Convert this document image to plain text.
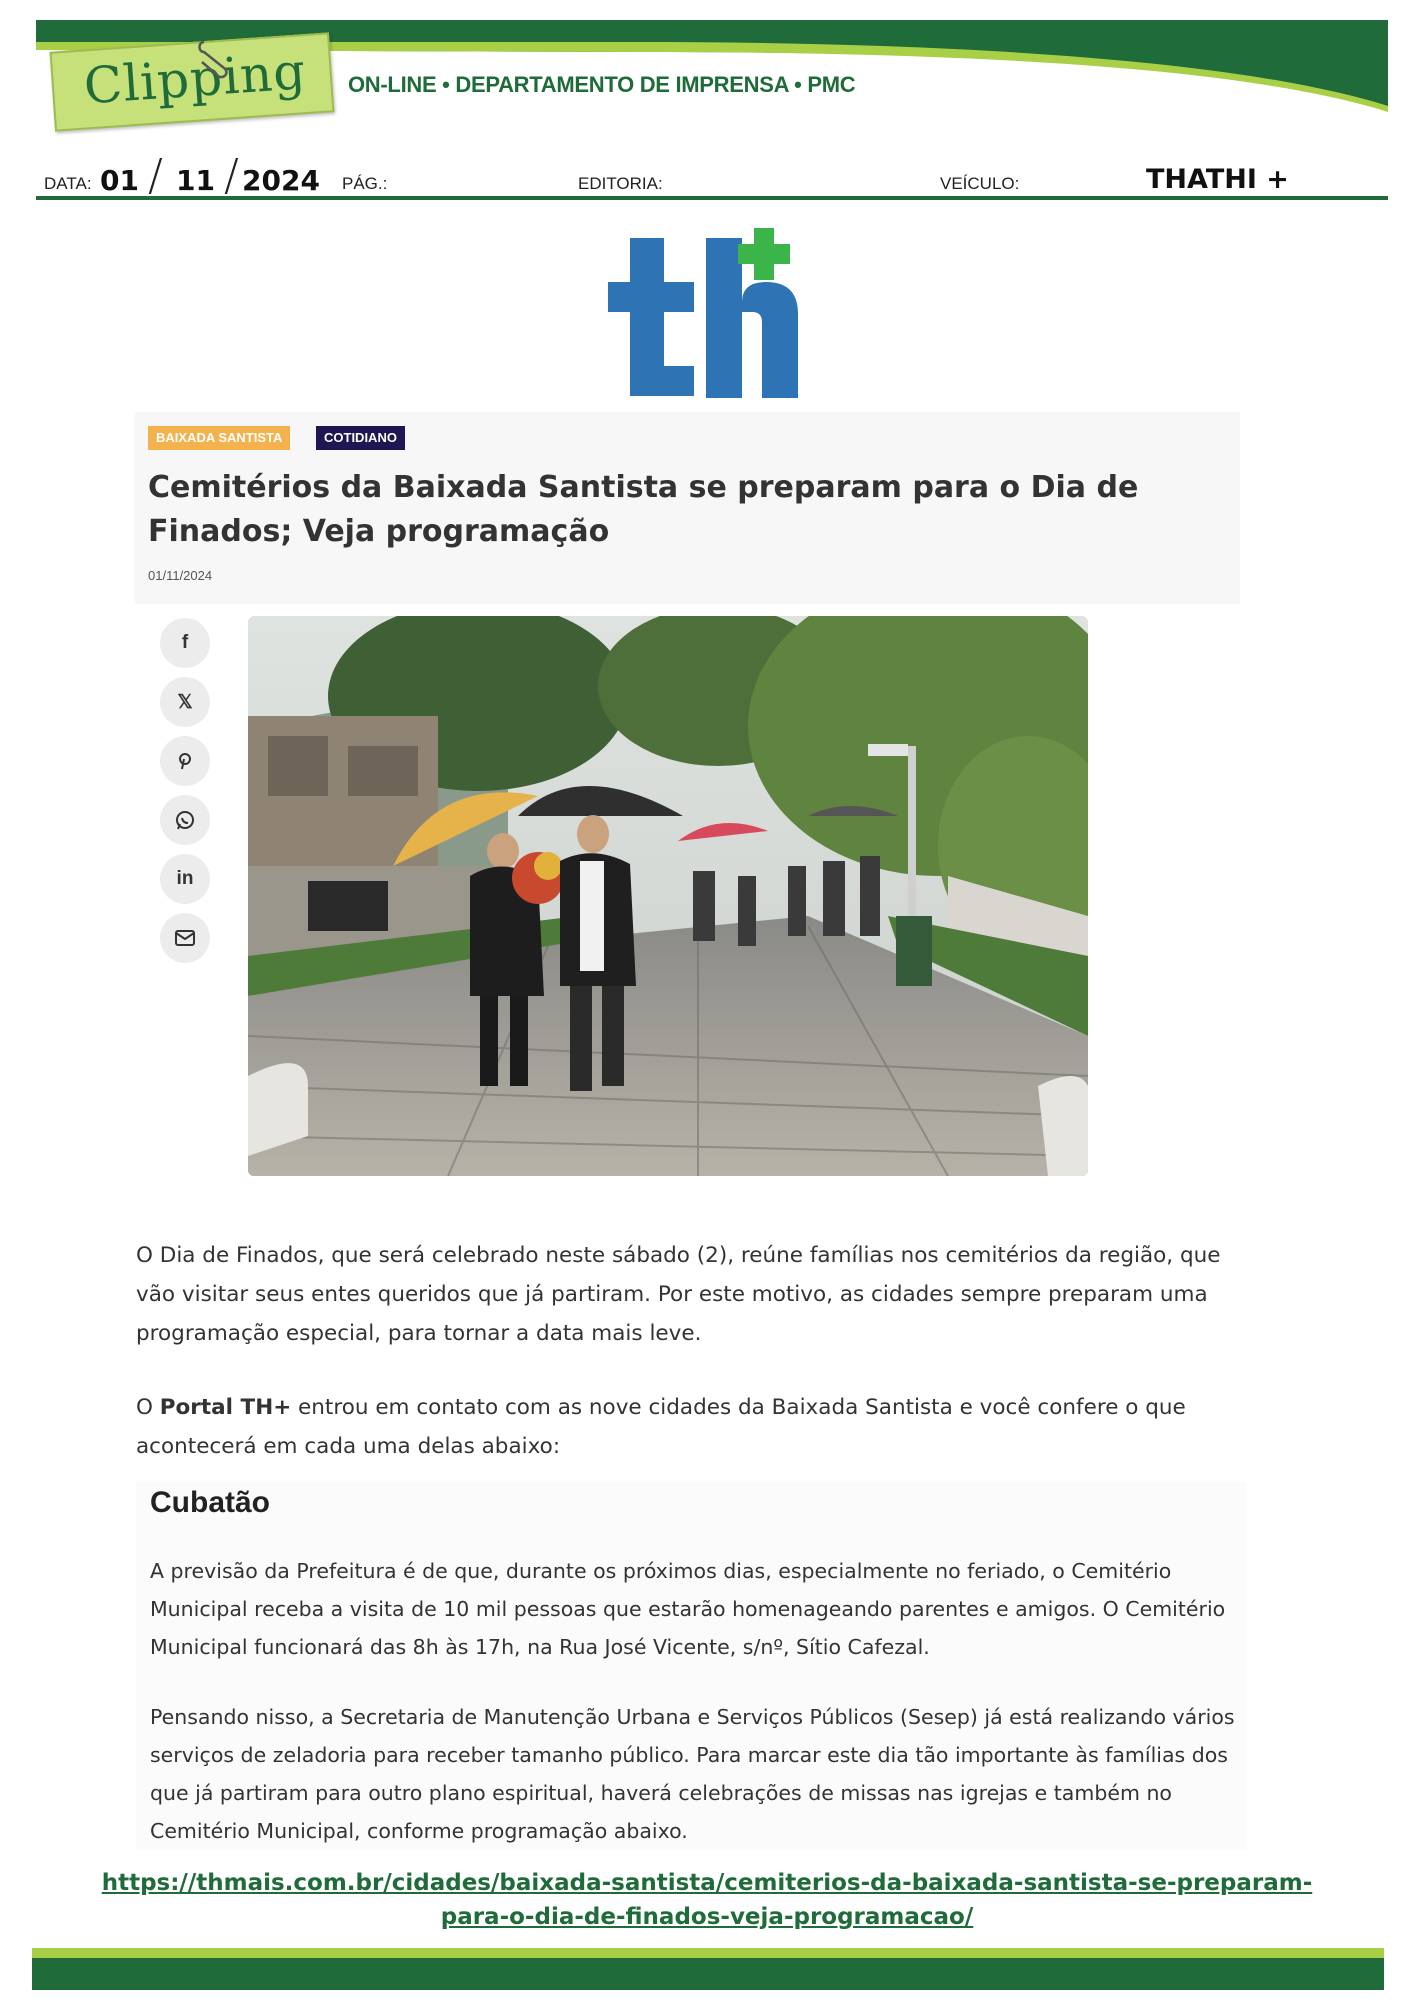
Clipping ON-LINE • DEPARTAMENTO DE IMPRENSA • PMC
DATA: 01 / 11 / 2024 PÁG.:	EDITORIA:	VEÍCULO:	THATHI +
BAIXADA SANTISTA	COTIDIANO
Cemitérios da Baixada Santista se preparam para o Dia de Finados; Veja programação
01/11/2024
f
𝕏
in

O Dia de Finados, que será celebrado neste sábado (2), reúne famílias nos cemitérios da região, que vão visitar seus entes queridos que já partiram. Por este motivo, as cidades sempre preparam uma programação especial, para tornar a data mais leve.

O Portal TH+ entrou em contato com as nove cidades da Baixada Santista e você confere o que acontecerá em cada uma delas abaixo:

Cubatão

A previsão da Prefeitura é de que, durante os próximos dias, especialmente no feriado, o Cemitério Municipal receba a visita de 10 mil pessoas que estarão homenageando parentes e amigos. O Cemitério Municipal funcionará das 8h às 17h, na Rua José Vicente, s/nº, Sítio Cafezal.

Pensando nisso, a Secretaria de Manutenção Urbana e Serviços Públicos (Sesep) já está realizando vários serviços de zeladoria para receber tamanho público. Para marcar este dia tão importante às famílias dos que já partiram para outro plano espiritual, haverá celebrações de missas nas igrejas e também no Cemitério Municipal, conforme programação abaixo.

https://thmais.com.br/cidades/baixada-santista/cemiterios-da-baixada-santista-se-preparam-para-o-dia-de-finados-veja-programacao/
